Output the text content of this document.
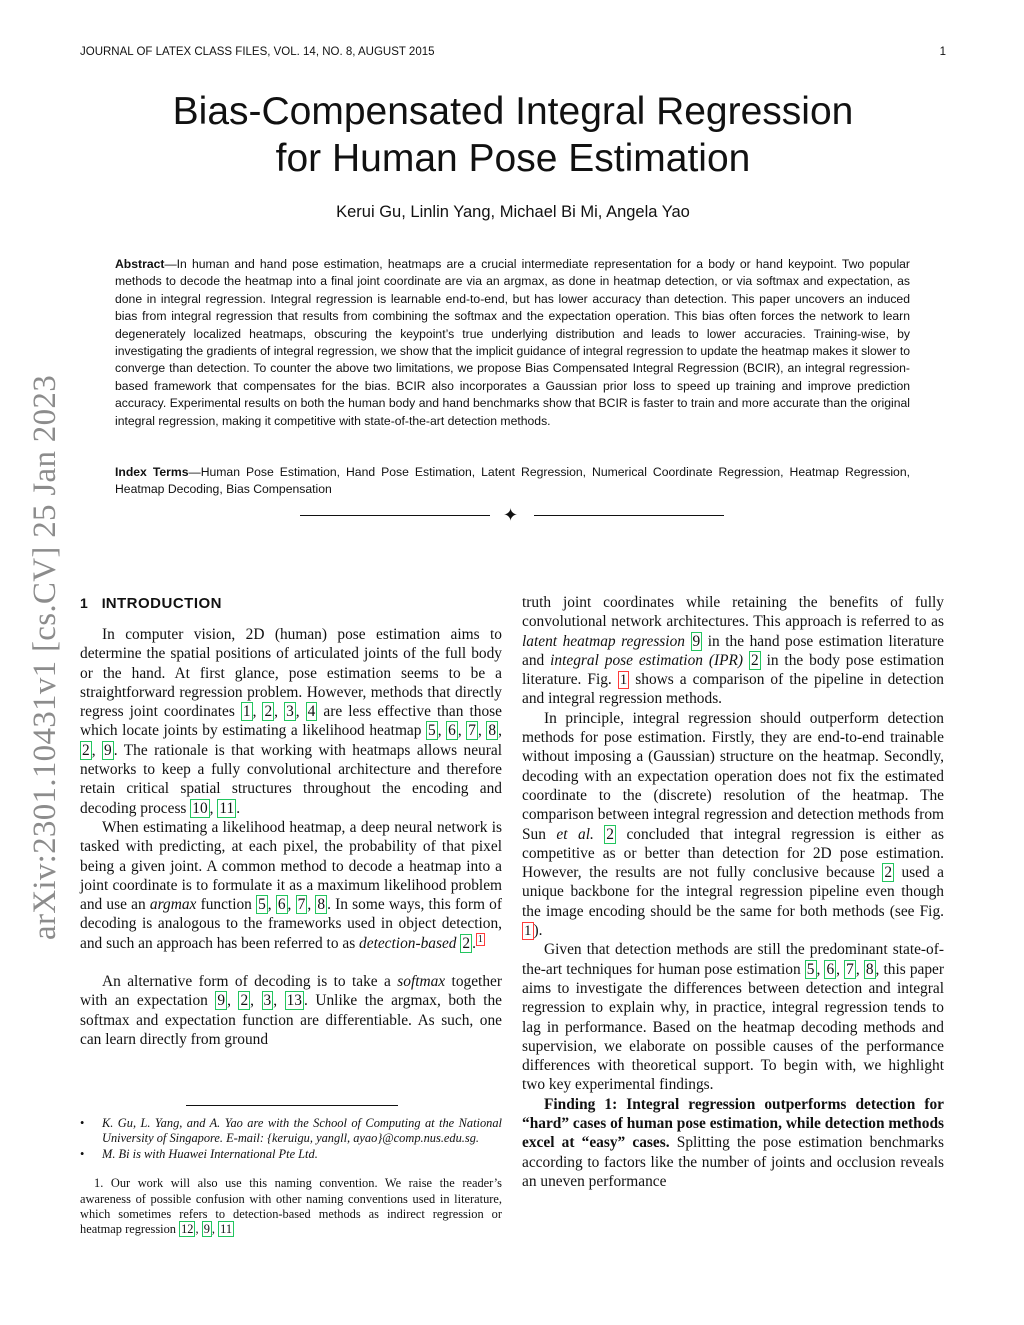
JOURNAL OF LATEX CLASS FILES, VOL. 14, NO. 8, AUGUST 2015	1
arXiv:2301.10431v1 [cs.CV] 25 Jan 2023
Bias-Compensated Integral Regression
for Human Pose Estimation
Kerui Gu, Linlin Yang, Michael Bi Mi, Angela Yao

Abstract—In human and hand pose estimation, heatmaps are a crucial intermediate representation for a body or hand keypoint. Two popular methods to decode the heatmap into a final joint coordinate are via an argmax, as done in heatmap detection, or via softmax and expectation, as done in integral regression. Integral regression is learnable end-to-end, but has lower accuracy than detection. This paper uncovers an induced bias from integral regression that results from combining the softmax and the expectation operation. This bias often forces the network to learn degenerately localized heatmaps, obscuring the keypoint’s true underlying distribution and leads to lower accuracies. Training-wise, by investigating the gradients of integral regression, we show that the implicit guidance of integral regression to update the heatmap makes it slower to converge than detection. To counter the above two limitations, we propose Bias Compensated Integral Regression (BCIR), an integral regression-based framework that compensates for the bias. BCIR also incorporates a Gaussian prior loss to speed up training and improve prediction accuracy. Experimental results on both the human body and hand benchmarks show that BCIR is faster to train and more accurate than the original integral regression, making it competitive with state-of-the-art detection methods.

Index Terms—Human Pose Estimation, Hand Pose Estimation, Latent Regression, Numerical Coordinate Regression, Heatmap Regression, Heatmap Decoding, Bias Compensation

✦
1 INTRODUCTION

In computer vision, 2D (human) pose estimation aims to determine the spatial positions of articulated joints of the full body or the hand. At first glance, pose estimation seems to be a straightforward regression problem. However, methods that directly regress joint coordinates 1 , 2 , 3 , 4 are less effective than those which locate joints by estimating a likelihood heatmap 5 , 6 , 7 , 8 , 2 , 9 . The rationale is that working with heatmaps allows neural networks to keep a fully convolutional architecture and therefore retain critical spatial structures throughout the encoding and decoding process 10 , 11 .

When estimating a likelihood heatmap, a deep neural network is tasked with predicting, at each pixel, the probability of that pixel being a given joint. A common method to decode a heatmap into a joint coordinate is to formulate it as a maximum likelihood problem and use an argmax function 5 , 6 , 7 , 8 . In some ways, this form of decoding is analogous to the frameworks used in object detection, and such an approach has been referred to as detection-based 2 . $^1$

An alternative form of decoding is to take a softmax together with an expectation 9 , 2 , 3 , 13 . Unlike the argmax, both the softmax and expectation function are differentiable. As such, one can learn directly from ground

• K. Gu, L. Yang, and A. Yao are with the School of Computing at the National University of Singapore. E-mail: {keruigu, yangll, ayao}@comp.nus.edu.sg.
• M. Bi is with Huawei International Pte Ltd.
1. Our work will also use this naming convention. We raise the reader’s awareness of possible confusion with other naming conventions used in literature, which sometimes refers to detection-based methods as indirect regression or heatmap regression 12 , 9 , 11

truth joint coordinates while retaining the benefits of fully convolutional network architectures. This approach is referred to as latent heatmap regression 9 in the hand pose estimation literature and integral pose estimation (IPR) 2 in the body pose estimation literature. Fig. 1 shows a comparison of the pipeline in detection and integral regression methods.

In principle, integral regression should outperform detection methods for pose estimation. Firstly, they are end-to-end trainable without imposing a (Gaussian) structure on the heatmap. Secondly, decoding with an expectation operation does not fix the estimated coordinate to the (discrete) resolution of the heatmap. The comparison between integral regression and detection methods from Sun et al. 2 concluded that integral regression is either as competitive as or better than detection for 2D pose estimation. However, the results are not fully conclusive because 2 used a unique backbone for the integral regression pipeline even though the image encoding should be the same for both methods (see Fig. 1 ).

Given that detection methods are still the predominant state-of-the-art techniques for human pose estimation 5 , 6 , 7 , 8 , this paper aims to investigate the differences between detection and integral regression to explain why, in practice, integral regression tends to lag in performance. Based on the heatmap decoding methods and supervision, we elaborate on possible causes of the performance differences with theoretical support. To begin with, we highlight two key experimental findings.

Finding 1: Integral regression outperforms detection for “hard” cases of human pose estimation, while detection methods excel at “easy” cases. Splitting the pose estimation benchmarks according to factors like the number of joints and occlusion reveals an uneven performance
